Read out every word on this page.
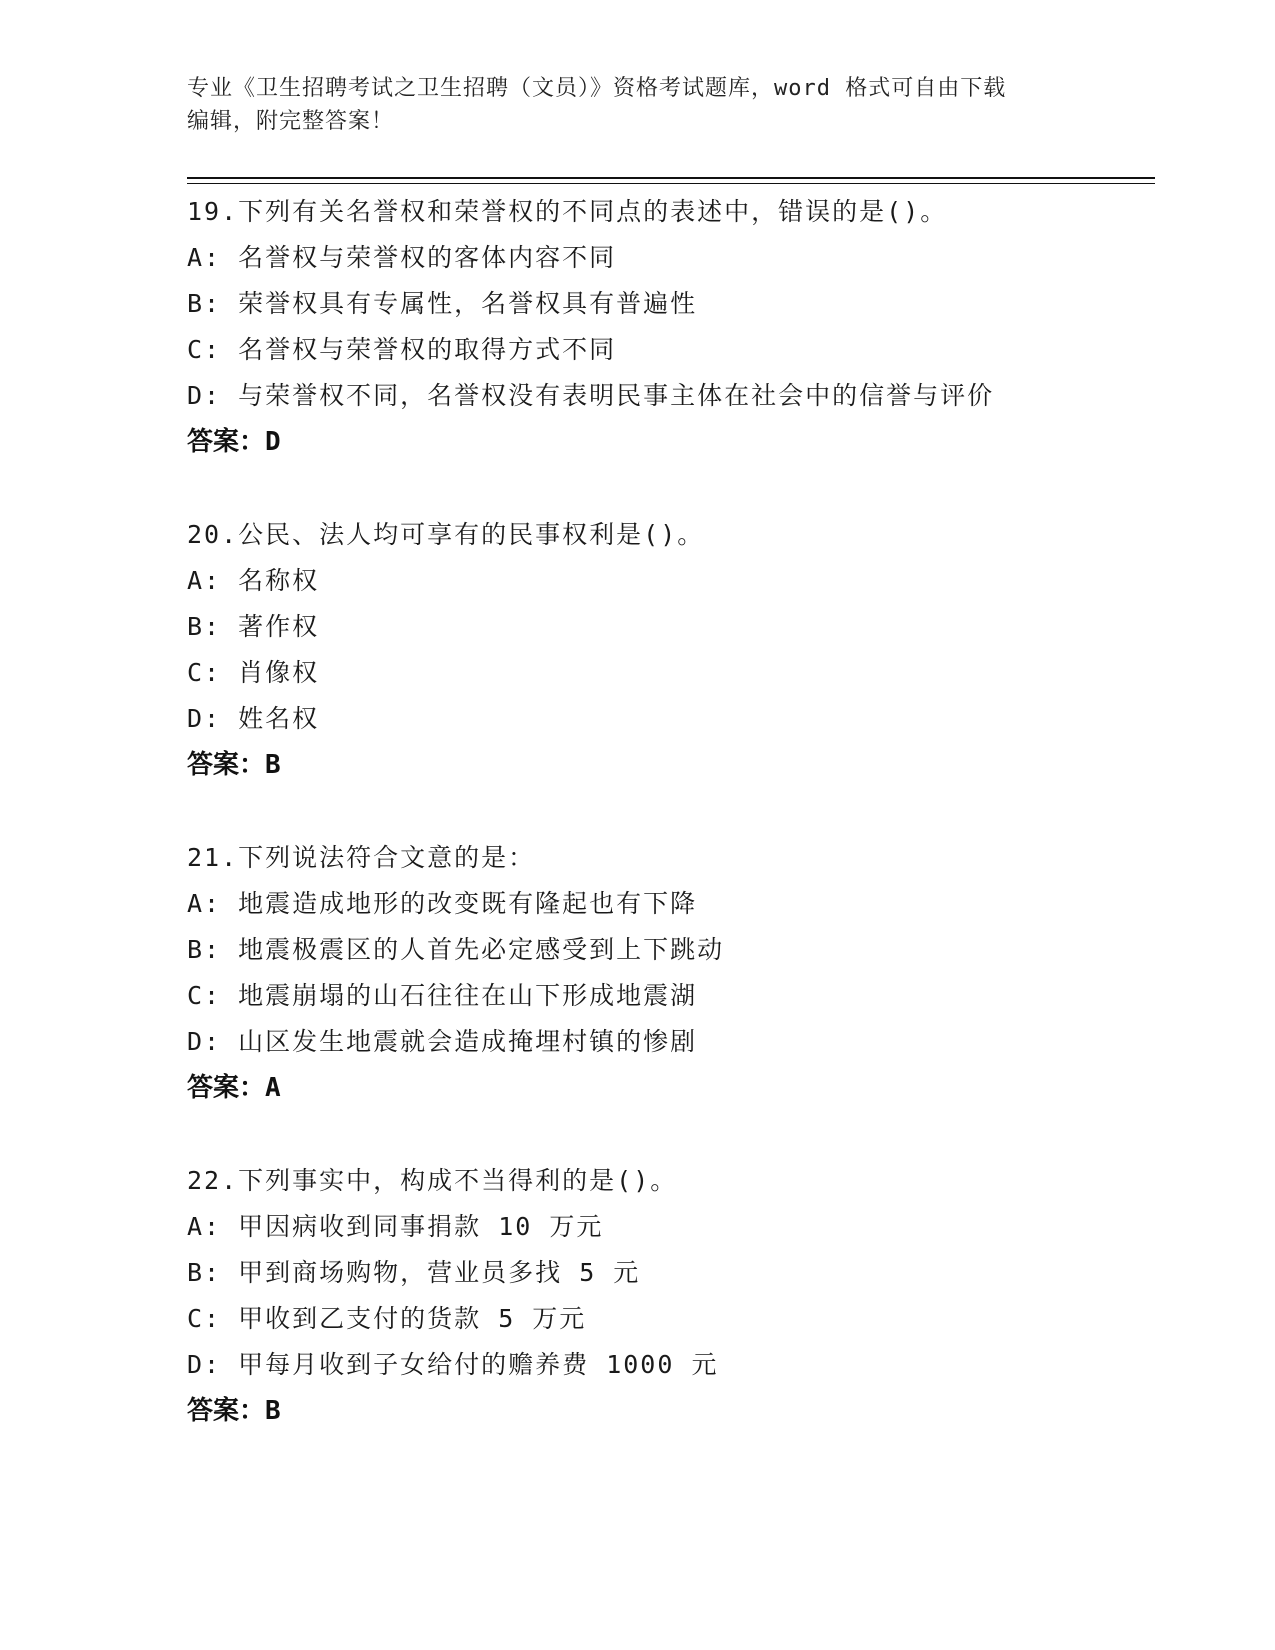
专业《卫生招聘考试之卫生招聘（文员）》资格考试题库，word 格式可自由下载
编辑，附完整答案！
19.下列有关名誉权和荣誉权的不同点的表述中，错误的是()。
A: 名誉权与荣誉权的客体内容不同
B: 荣誉权具有专属性，名誉权具有普遍性
C: 名誉权与荣誉权的取得方式不同
D: 与荣誉权不同，名誉权没有表明民事主体在社会中的信誉与评价
答案：D
20.公民、法人均可享有的民事权利是()。
A: 名称权
B: 著作权
C: 肖像权
D: 姓名权
答案：B
21.下列说法符合文意的是：
A: 地震造成地形的改变既有隆起也有下降
B: 地震极震区的人首先必定感受到上下跳动
C: 地震崩塌的山石往往在山下形成地震湖
D: 山区发生地震就会造成掩埋村镇的惨剧
答案：A
22.下列事实中，构成不当得利的是()。
A: 甲因病收到同事捐款 10 万元
B: 甲到商场购物，营业员多找 5 元
C: 甲收到乙支付的货款 5 万元
D: 甲每月收到子女给付的赡养费 1000 元
答案：B
